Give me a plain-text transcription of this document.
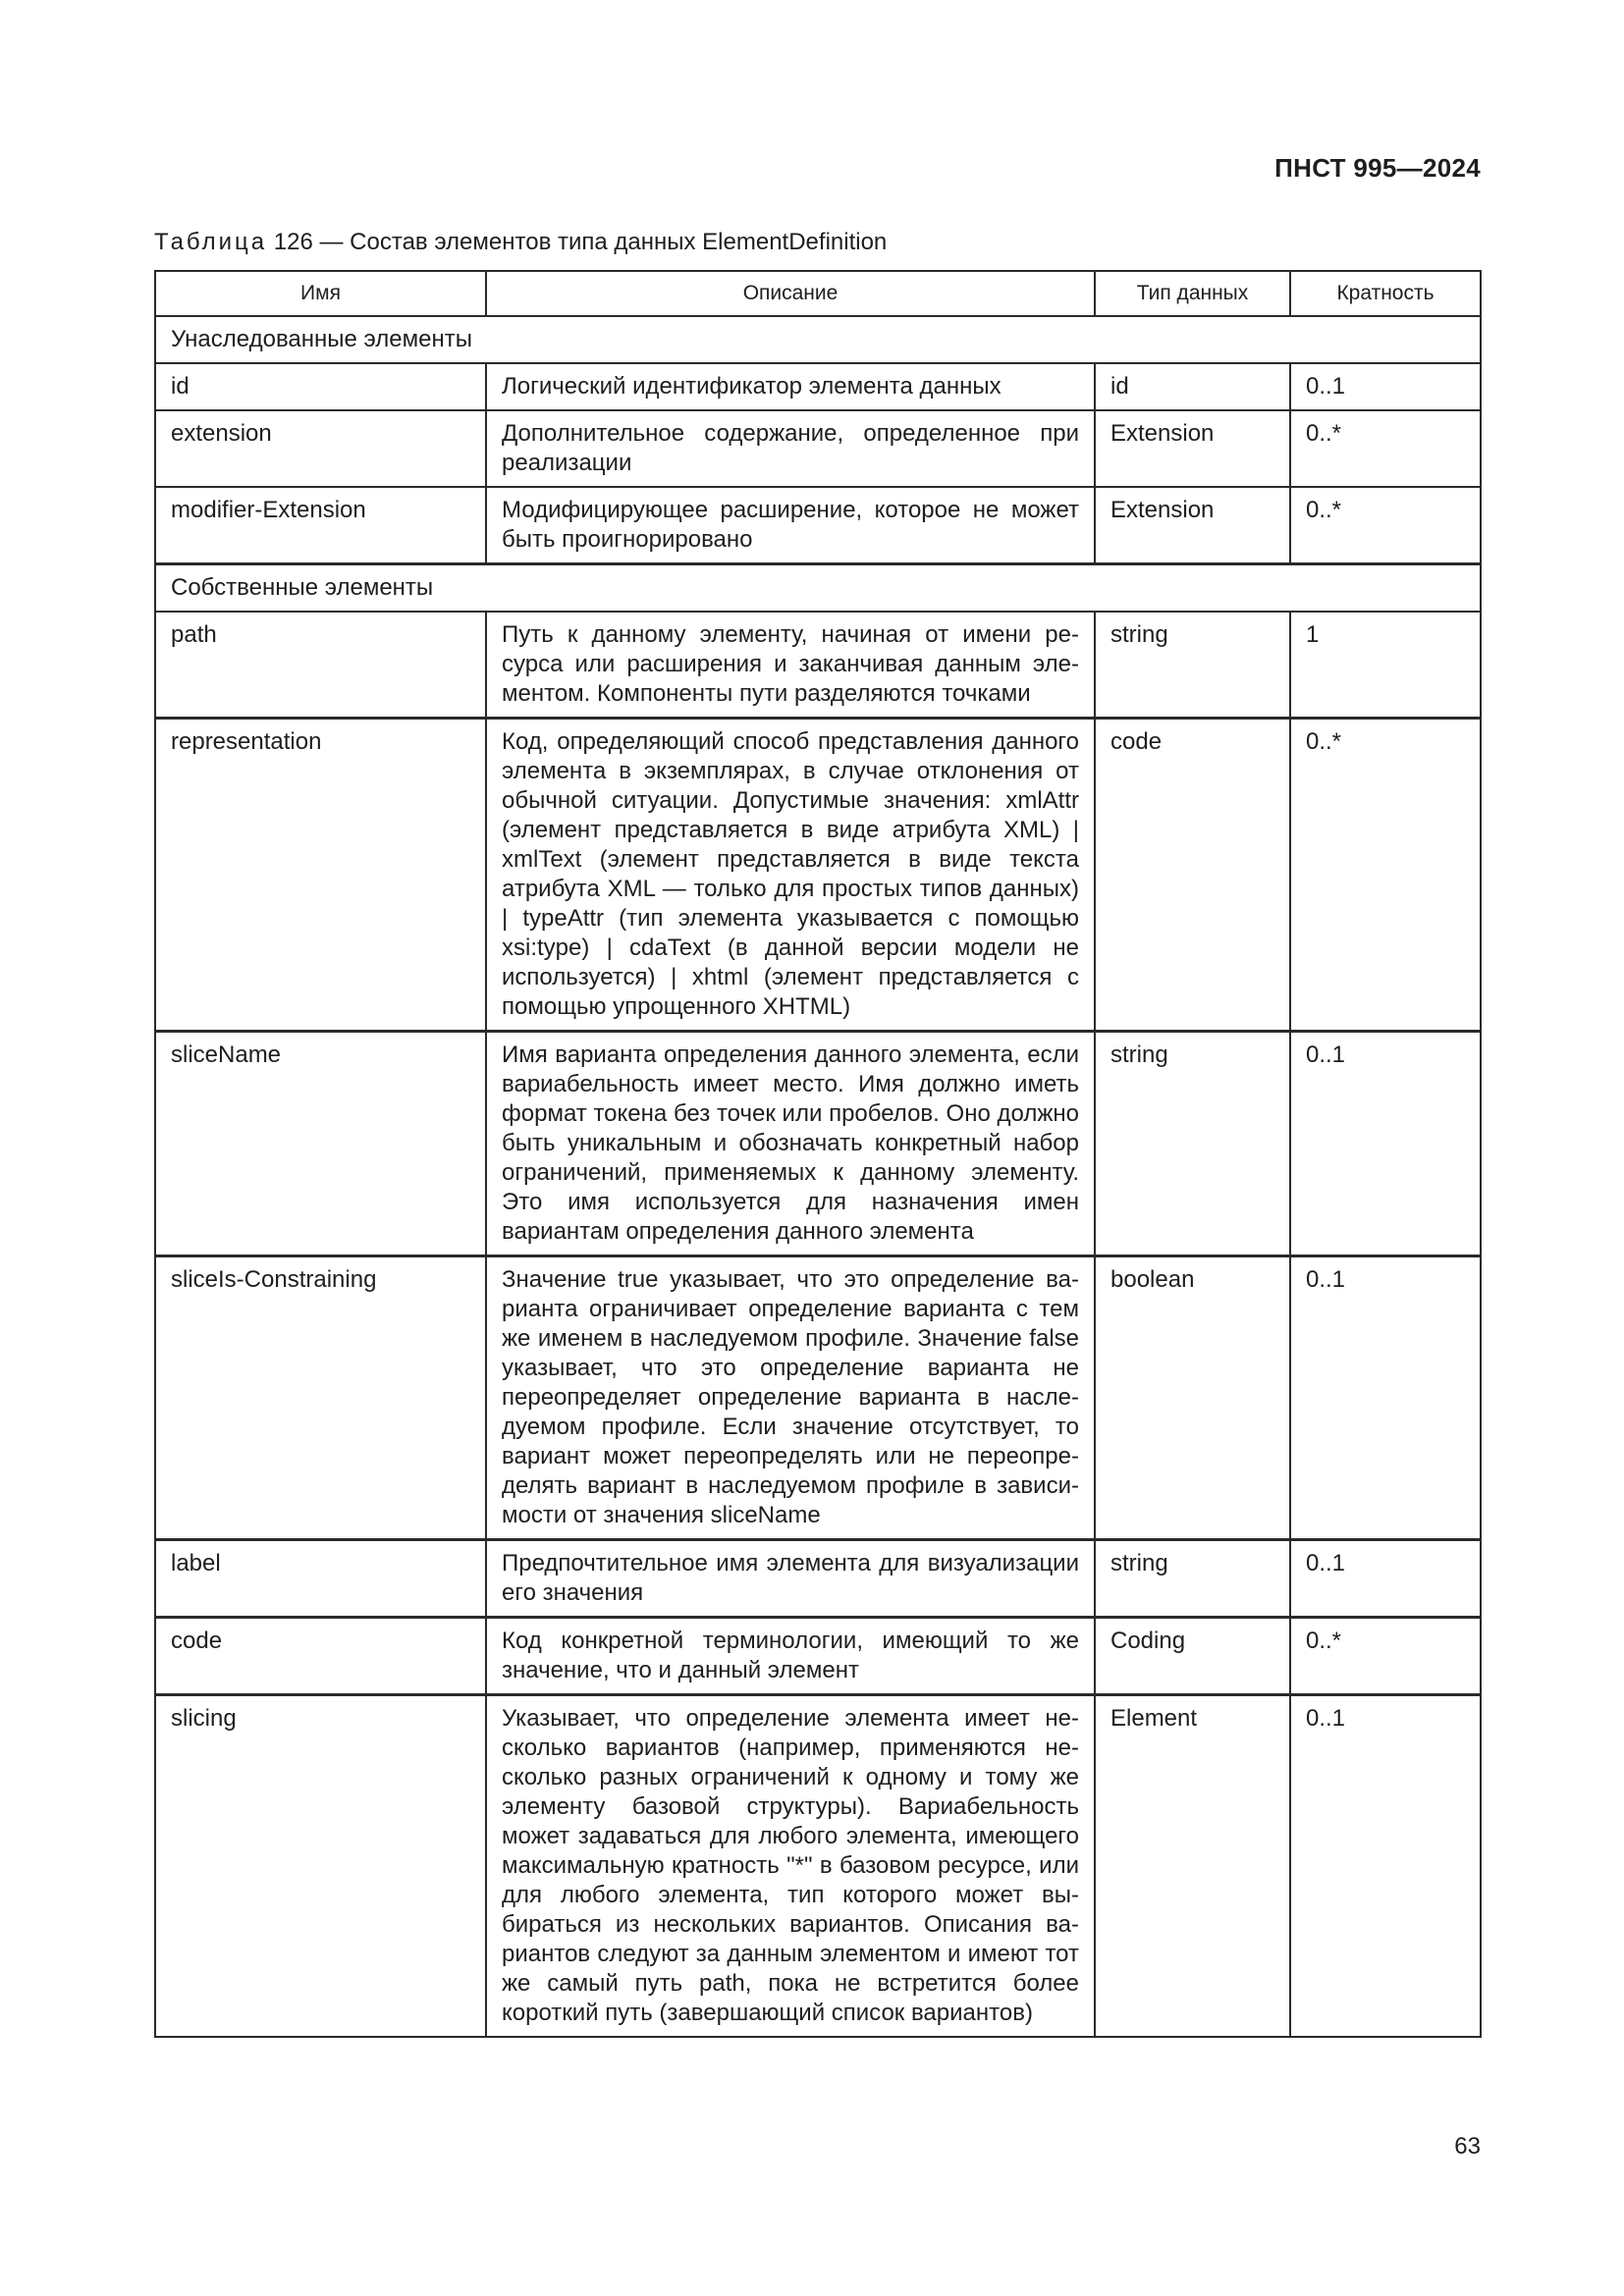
ПНСТ 995—2024
Таблица 126 — Состав элементов типа данных ElementDefinition
Имя	Описание	Тип данных	Кратность
Унаследованные элементы			
id	Логический идентификатор элемента данных	id	0..1
extension	Дополнительное содержание, определенное при реализации	Extension	0..*
modifier-Extension	Модифицирующее расширение, которое не может быть проигнорировано	Extension	0..*
Собственные элементы			
path	Путь к данному элементу, начиная от имени ресурса или расширения и заканчивая данным элементом. Компоненты пути разделяются точками	string	1
representation	Код, определяющий способ представления данного элемента в экземплярах, в случае отклонения от обычной ситуации. Допустимые значения: xmlAttr (элемент представляется в виде атрибута XML) | xmlText (элемент представляется в виде текста атрибута XML — только для простых типов данных) | typeAttr (тип элемента указывается с помощью xsi:type) | cdaText (в данной версии модели не используется) | xhtml (элемент представляется с помощью упрощенного XHTML)	code	0..*
sliceName	Имя варианта определения данного элемента, если вариабельность имеет место. Имя должно иметь формат токена без точек или пробелов. Оно должно быть уникальным и обозначать конкретный набор ограничений, применяемых к данному элементу. Это имя используется для назначения имен вариантам определения данного элемента	string	0..1
sliceIs-Constraining	Значение true указывает, что это определение варианта ограничивает определение варианта с тем же именем в наследуемом профиле. Значение false указывает, что это определение варианта не переопределяет определение варианта в наследуемом профиле. Если значение отсутствует, то вариант может переопределять или не переопределять вариант в наследуемом профиле в зависимости от значения sliceName	boolean	0..1
label	Предпочтительное имя элемента для визуализации его значения	string	0..1
code	Код конкретной терминологии, имеющий то же значение, что и данный элемент	Coding	0..*
slicing	Указывает, что определение элемента имеет несколько вариантов (например, применяются несколько разных ограничений к одному и тому же элементу базовой структуры). Вариабельность может задаваться для любого элемента, имеющего максимальную кратность "*" в базовом ресурсе, или для любого элемента, тип которого может выбираться из нескольких вариантов. Описания вариантов следуют за данным элементом и имеют тот же самый путь path, пока не встретится более короткий путь (завершающий список вариантов)	Element	0..1
63
